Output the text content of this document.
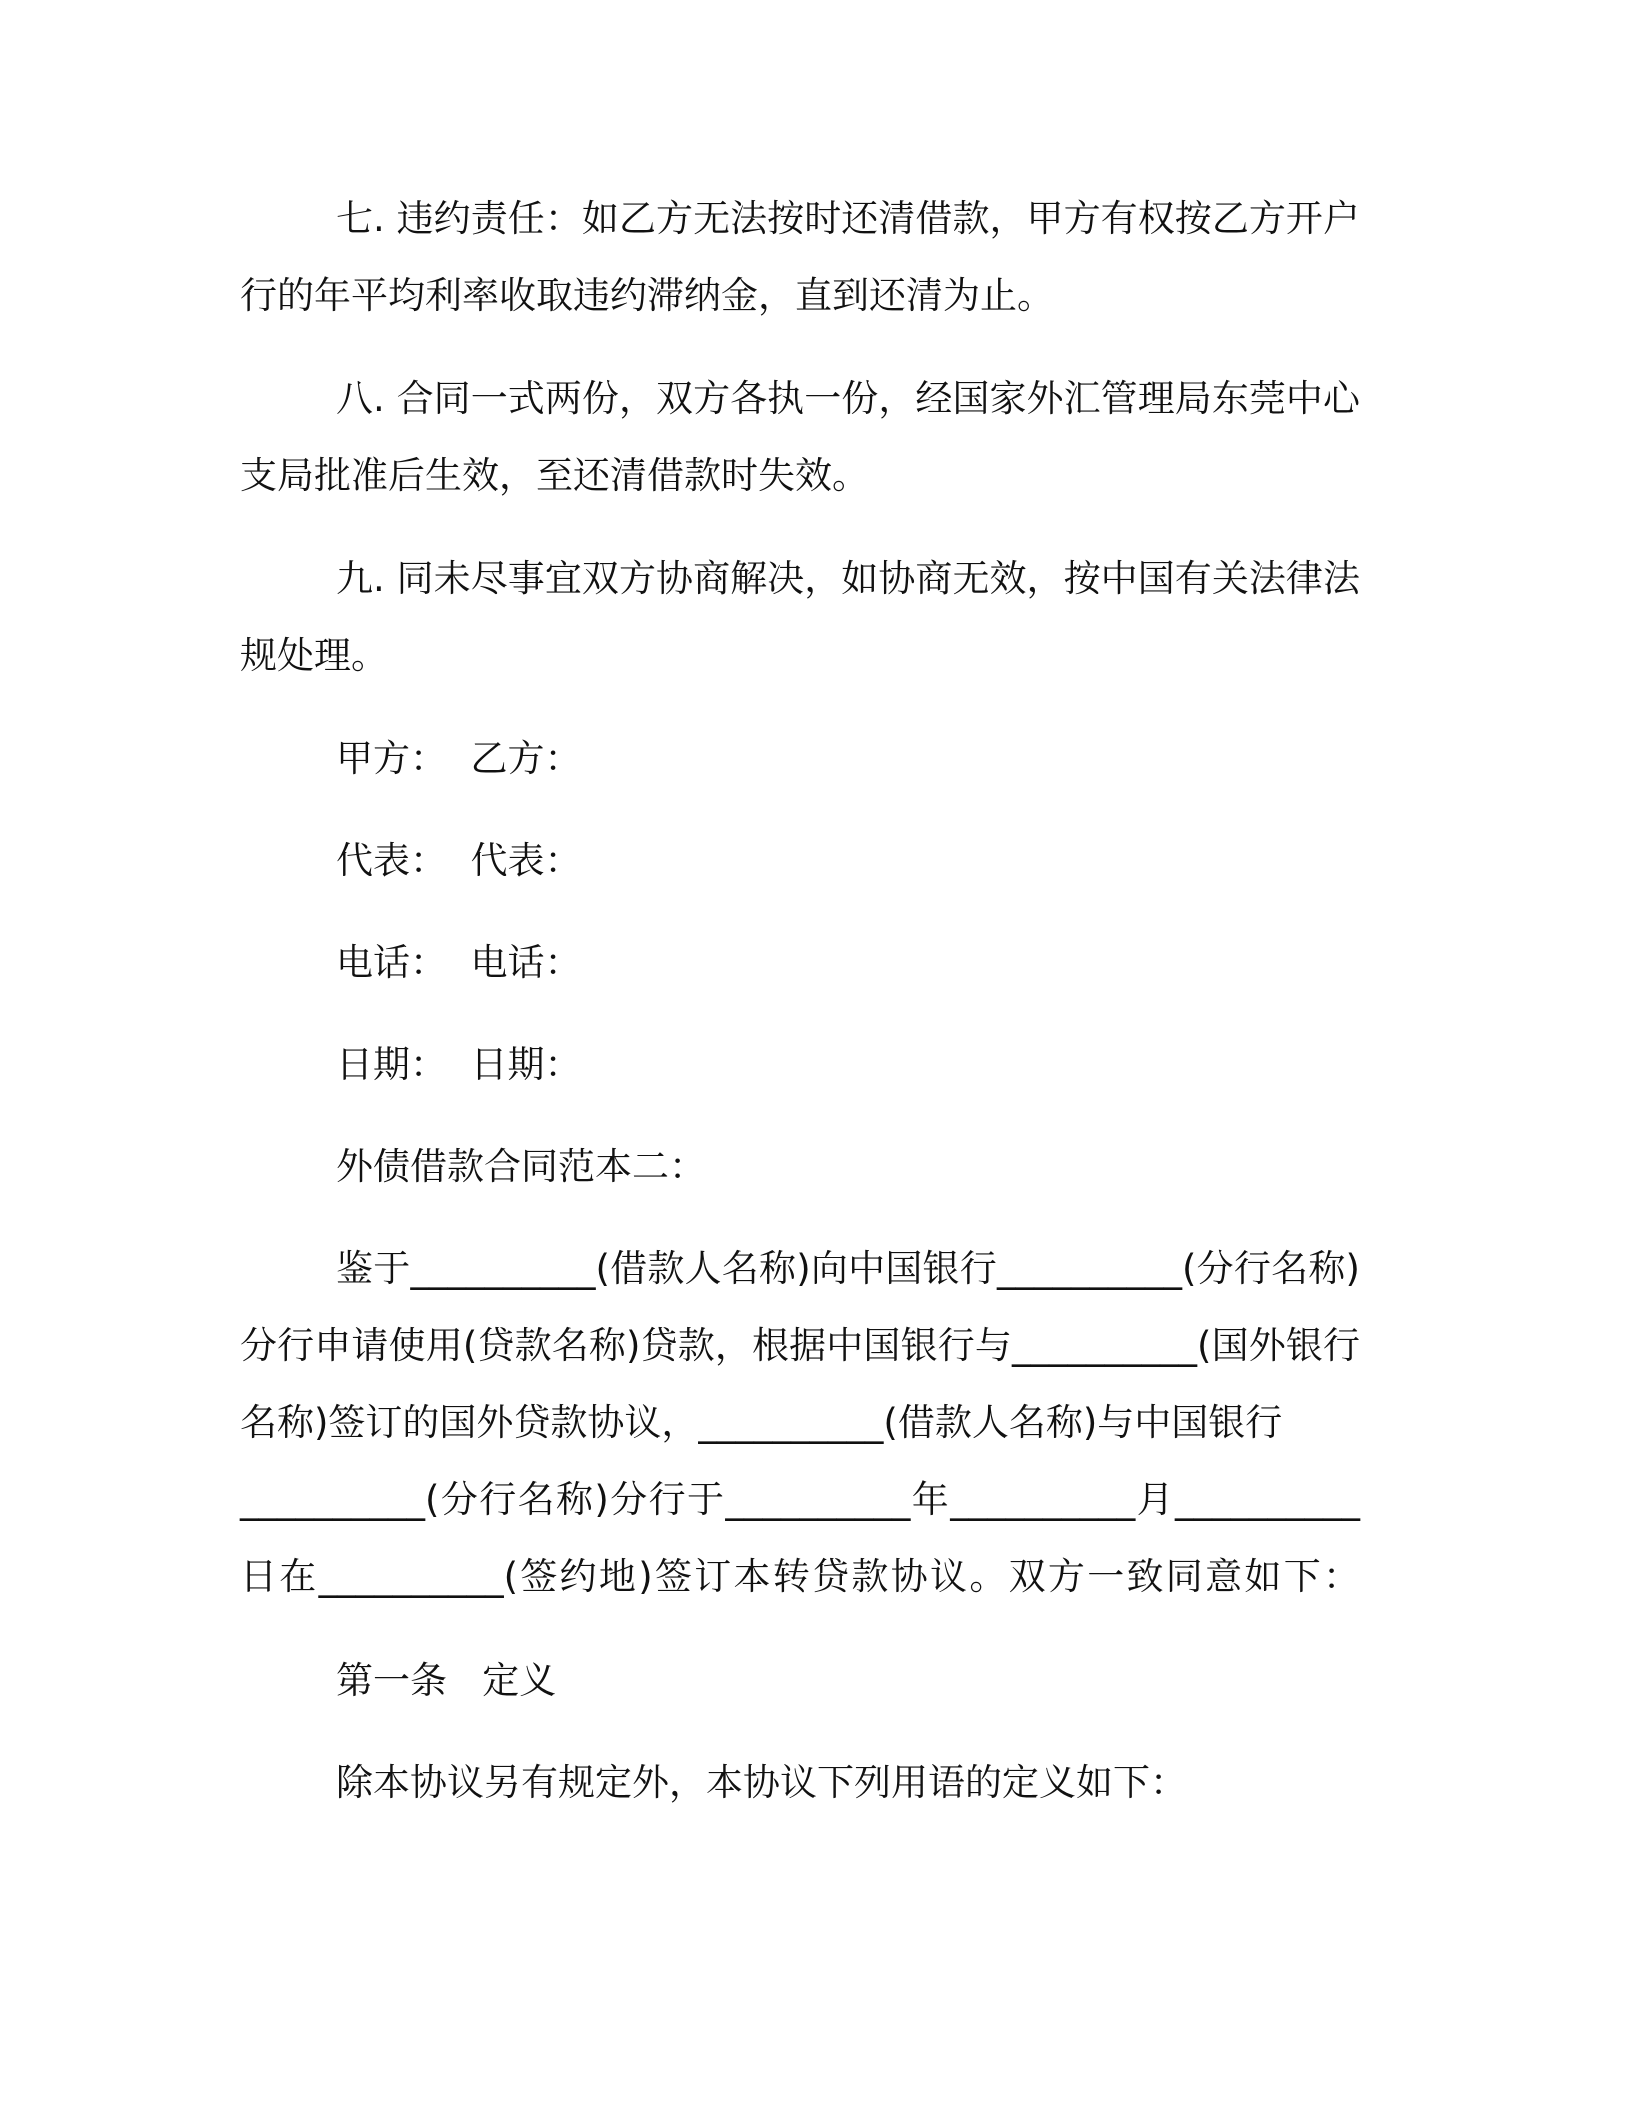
七. 违约责任：如乙方无法按时还清借款，甲方有权按乙方开户
行的年平均利率收取违约滞纳金，直到还清为止。
八. 合同一式两份，双方各执一份，经国家外汇管理局东莞中心
支局批准后生效，至还清借款时失效。
九. 同未尽事宜双方协商解决，如协商无效，按中国有关法律法
规处理。
甲方：  乙方：
代表：  代表：
电话：  电话：
日期：  日期：
外债借款合同范本二：
鉴于__________(借款人名称)向中国银行__________(分行名称)
分行申请使用(贷款名称)贷款，根据中国银行与__________(国外银行
名称)签订的国外贷款协议，__________(借款人名称)与中国银行
__________(分行名称)分行于__________年__________月__________
日在__________(签约地)签订本转贷款协议。双方一致同意如下：
第一条   定义
除本协议另有规定外，本协议下列用语的定义如下：
